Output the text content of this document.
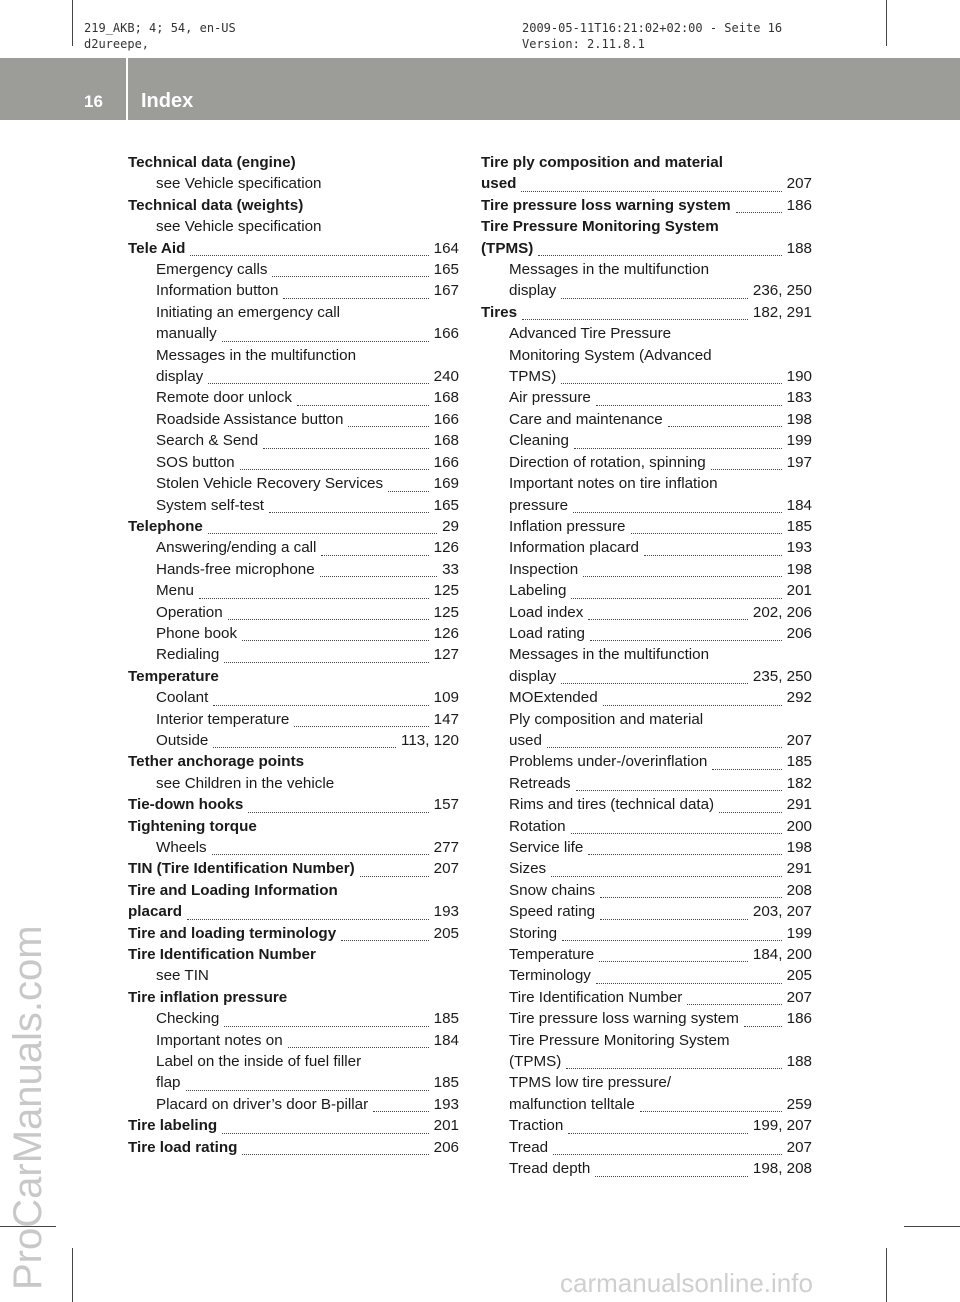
219_AKB; 4; 54, en-US
d2ureepe,
2009-05-11T16:21:02+02:00 - Seite 16
Version: 2.11.8.1
16 Index
Technical data (engine)
see Vehicle specification
Technical data (weights)
see Vehicle specification
Tele Aid	164
Emergency calls	165
Information button	167
Initiating an emergency call
manually	166
Messages in the multifunction
display	240
Remote door unlock	168
Roadside Assistance button	166
Search & Send	168
SOS button	166
Stolen Vehicle Recovery Services	169
System self-test	165
Telephone	29
Answering/ending a call	126
Hands-free microphone	33
Menu	125
Operation	125
Phone book	126
Redialing	127
Temperature
Coolant	109
Interior temperature	147
Outside	113, 120
Tether anchorage points
see Children in the vehicle
Tie-down hooks	157
Tightening torque
Wheels	277
TIN (Tire Identification Number)	207
Tire and Loading Information
placard	193
Tire and loading terminology	205
Tire Identification Number
see TIN
Tire inflation pressure
Checking	185
Important notes on	184
Label on the inside of fuel filler
flap	185
Placard on driver’s door B-pillar	193
Tire labeling	201
Tire load rating	206
Tire ply composition and material
used	207
Tire pressure loss warning system	186
Tire Pressure Monitoring System
(TPMS)	188
Messages in the multifunction
display	236, 250
Tires	182, 291
Advanced Tire Pressure
Monitoring System (Advanced
TPMS)	190
Air pressure	183
Care and maintenance	198
Cleaning	199
Direction of rotation, spinning	197
Important notes on tire inflation
pressure	184
Inflation pressure	185
Information placard	193
Inspection	198
Labeling	201
Load index	202, 206
Load rating	206
Messages in the multifunction
display	235, 250
MOExtended	292
Ply composition and material
used	207
Problems under-/overinflation	185
Retreads	182
Rims and tires (technical data)	291
Rotation	200
Service life	198
Sizes	291
Snow chains	208
Speed rating	203, 207
Storing	199
Temperature	184, 200
Terminology	205
Tire Identification Number	207
Tire pressure loss warning system	186
Tire Pressure Monitoring System
(TPMS)	188
TPMS low tire pressure/
malfunction telltale	259
Traction	199, 207
Tread	207
Tread depth	198, 208
ProCarManuals.com	carmanualsonline.info
